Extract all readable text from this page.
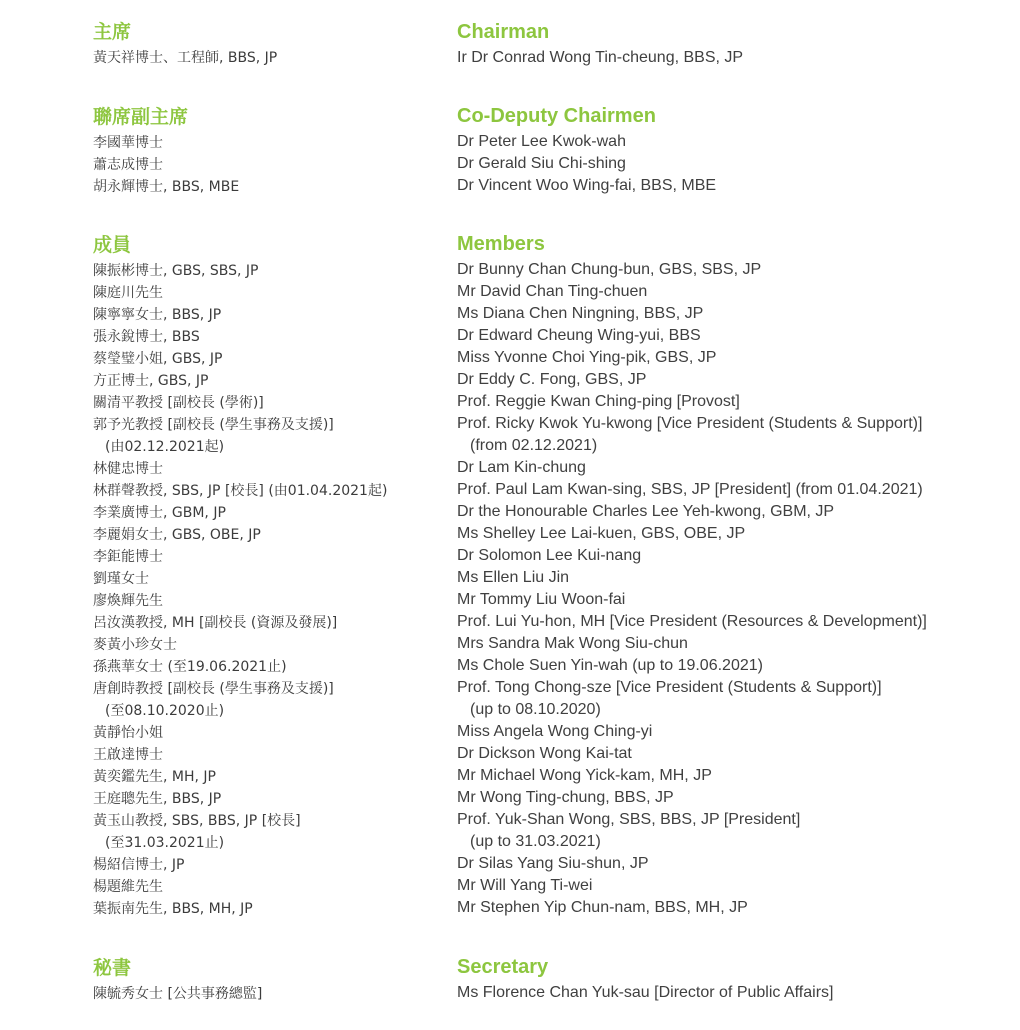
主席
黃天祥博士、工程師, BBS, JP
聯席副主席
李國華博士
蕭志成博士
胡永輝博士, BBS, MBE
成員
陳振彬博士, GBS, SBS, JP
陳庭川先生
陳寧寧女士, BBS, JP
張永銳博士, BBS
蔡瑩璧小姐, GBS, JP
方正博士, GBS, JP
關清平教授 [副校長 (學術)]
郭予光教授 [副校長 (學生事務及支援)]
(由02.12.2021起)
林健忠博士
林群聲教授, SBS, JP [校長] (由01.04.2021起)
李業廣博士, GBM, JP
李麗娟女士, GBS, OBE, JP
李鉅能博士
劉瑾女士
廖煥輝先生
呂汝漢教授, MH [副校長 (資源及發展)]
麥黃小珍女士
孫燕華女士 (至19.06.2021止)
唐創時教授 [副校長 (學生事務及支援)]
(至08.10.2020止)
黃靜怡小姐
王啟達博士
黃奕鑑先生, MH, JP
王庭聰先生, BBS, JP
黃玉山教授, SBS, BBS, JP [校長]
(至31.03.2021止)
楊紹信博士, JP
楊題維先生
葉振南先生, BBS, MH, JP
秘書
陳毓秀女士 [公共事務總監]
Chairman
Ir Dr Conrad Wong Tin-cheung, BBS, JP
Co-Deputy Chairmen
Dr Peter Lee Kwok-wah
Dr Gerald Siu Chi-shing
Dr Vincent Woo Wing-fai, BBS, MBE
Members
Dr Bunny Chan Chung-bun, GBS, SBS, JP
Mr David Chan Ting-chuen
Ms Diana Chen Ningning, BBS, JP
Dr Edward Cheung Wing-yui, BBS
Miss Yvonne Choi Ying-pik, GBS, JP
Dr Eddy C. Fong, GBS, JP
Prof. Reggie Kwan Ching-ping [Provost]
Prof. Ricky Kwok Yu-kwong [Vice President (Students & Support)]
(from 02.12.2021)
Dr Lam Kin-chung
Prof. Paul Lam Kwan-sing, SBS, JP [President] (from 01.04.2021)
Dr the Honourable Charles Lee Yeh-kwong, GBM, JP
Ms Shelley Lee Lai-kuen, GBS, OBE, JP
Dr Solomon Lee Kui-nang
Ms Ellen Liu Jin
Mr Tommy Liu Woon-fai
Prof. Lui Yu-hon, MH [Vice President (Resources & Development)]
Mrs Sandra Mak Wong Siu-chun
Ms Chole Suen Yin-wah (up to 19.06.2021)
Prof. Tong Chong-sze [Vice President (Students & Support)]
(up to 08.10.2020)
Miss Angela Wong Ching-yi
Dr Dickson Wong Kai-tat
Mr Michael Wong Yick-kam, MH, JP
Mr Wong Ting-chung, BBS, JP
Prof. Yuk-Shan Wong, SBS, BBS, JP [President]
(up to 31.03.2021)
Dr Silas Yang Siu-shun, JP
Mr Will Yang Ti-wei
Mr Stephen Yip Chun-nam, BBS, MH, JP
Secretary
Ms Florence Chan Yuk-sau [Director of Public Affairs]
